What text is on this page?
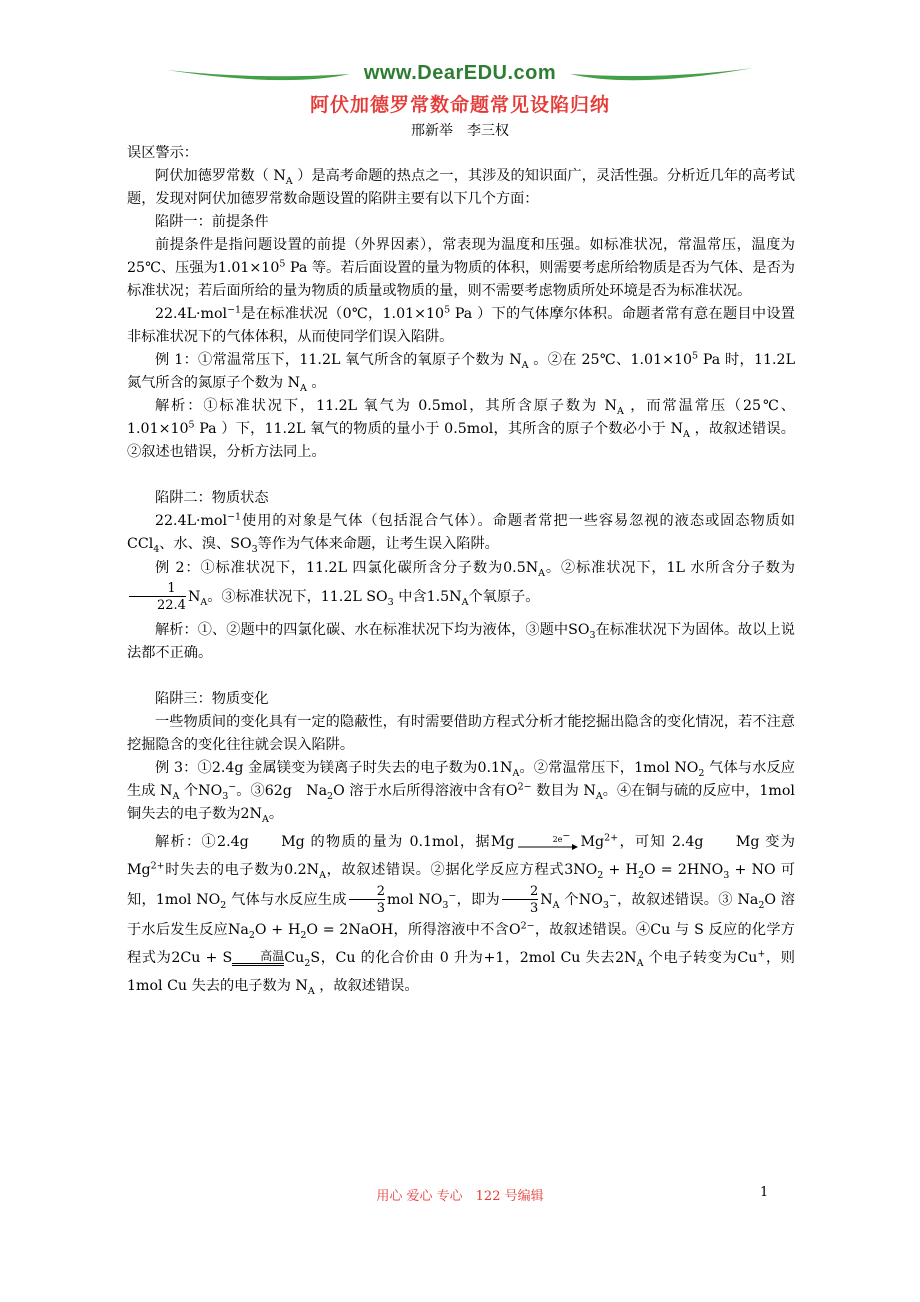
www.DearEDU.com
阿伏加德罗常数命题常见设陷归纳
邢新举　李三权

误区警示：

阿伏加德罗常数（ $N_A$ ）是高考命题的热点之一，其涉及的知识面广，灵活性强。分析近几年的高考试题，发现对阿伏加德罗常数命题设置的陷阱主要有以下几个方面：

陷阱一：前提条件

前提条件是指问题设置的前提（外界因素），常表现为温度和压强。如标准状况，常温常压，温度为25℃、压强为$1.01\times 10^5$ Pa 等。若后面设置的量为物质的体积，则需要考虑所给物质是否为气体、是否为标准状况；若后面所给的量为物质的质量或物质的量，则不需要考虑物质所处环境是否为标准状况。

22.4L·mol$^{-1}$是在标准状况（0℃，$1.01\times 10^5$ Pa ）下的气体摩尔体积。命题者常有意在题目中设置非标准状况下的气体体积，从而使同学们误入陷阱。

例 1：①常温常压下，11.2L 氧气所含的氧原子个数为 $N_A$ 。②在 25℃、$1.01\times 10^5$ Pa 时，11.2L 氮气所含的氮原子个数为 $N_A$ 。

解析：①标准状况下，11.2L 氧气为 0.5mol，其所含原子数为 $N_A$ ，而常温常压（25℃、$1.01\times 10^5$ Pa ）下，11.2L 氧气的物质的量小于 0.5mol，其所含的原子个数必小于 $N_A$ ，故叙述错误。②叙述也错误，分析方法同上。

陷阱二：物质状态

22.4L·mol$^{-1}$使用的对象是气体（包括混合气体）。命题者常把一些容易忽视的液态或固态物质如CCl$_4$、水、溴、$SO_3$等作为气体来命题，让考生误入陷阱。

例 2：①标准状况下，11.2L 四氯化碳所含分子数为$0.5N_A$。②标准状况下，1L 水所含分子数为
$\frac{1}{22.4} N_A$。③标准状况下，11.2L $SO_3$ 中含$1.5N_A$个氧原子。

解析：①、②题中的四氯化碳、水在标准状况下均为液体，③题中$SO_3$在标准状况下为固体。故以上说法都不正确。

陷阱三：物质变化

一些物质间的变化具有一定的隐蔽性，有时需要借助方程式分析才能挖掘出隐含的变化情况，若不注意挖掘隐含的变化往往就会误入陷阱。

例 3：①2.4g 金属镁变为镁离子时失去的电子数为$0.1N_A$。②常温常压下，1mol $NO_2$ 气体与水反应生成 $N_A$ 个$NO_3^-$。③62g　$Na_2O$ 溶于水后所得溶液中含有$O^{2-}$ 数目为 $N_A$。④在铜与硫的反应中，1mol 铜失去的电子数为$2N_A$。

解析：①2.4g　　Mg 的物质的量为 0.1mol，据Mg	2e− $Mg^{2+}$，可知 2.4g　　Mg 变为$Mg^{2+}$时失去的电子数为$0.2N_A$，故叙述错误。②据化学反应方程式$3NO_2 + H_2O = 2HNO_3$ + NO 可知，1mol $NO_2$ 气体与水反应生成 $\frac{2}{3}$ mol $NO_3^-$，即为 $\frac{2}{3} N_A$ 个$NO_3^-$，故叙述错误。③ $Na_2O$ 溶于水后发生反应$Na_2O + H_2O$ = 2NaOH，所得溶液中不含$O^{2-}$，故叙述错误。④Cu 与 S 反应的化学方程式为2Cu + S 高温
$Cu_2S$，Cu 的化合价由 0 升为+1，2mol Cu 失去$2N_A$ 个电子转变为Cu+，则 1mol Cu 失去的电子数为 $N_A$ ，故叙述错误。

用心 爱心 专心　122 号编辑	1
